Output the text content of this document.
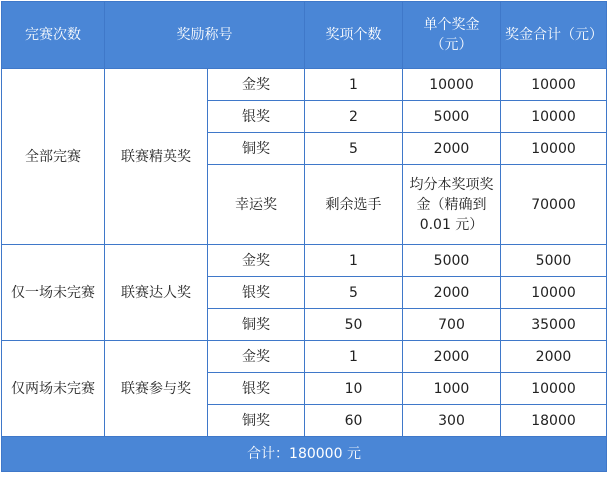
完赛次数	奖励称号		奖项个数	单个奖金（元）	奖金合计（元）
全部完赛	联赛精英奖	金奖	1	10000	10000
		银奖	2	5000	10000
		铜奖	5	2000	10000
		幸运奖	剩余选手	均分本奖项奖金（精确到 0.01 元）	70000
仅一场未完赛	联赛达人奖	金奖	1	5000	5000
		银奖	5	2000	10000
		铜奖	50	700	35000
仅两场未完赛	联赛参与奖	金奖	1	2000	2000
		银奖	10	1000	10000
		铜奖	60	300	18000
合计：180000 元					
